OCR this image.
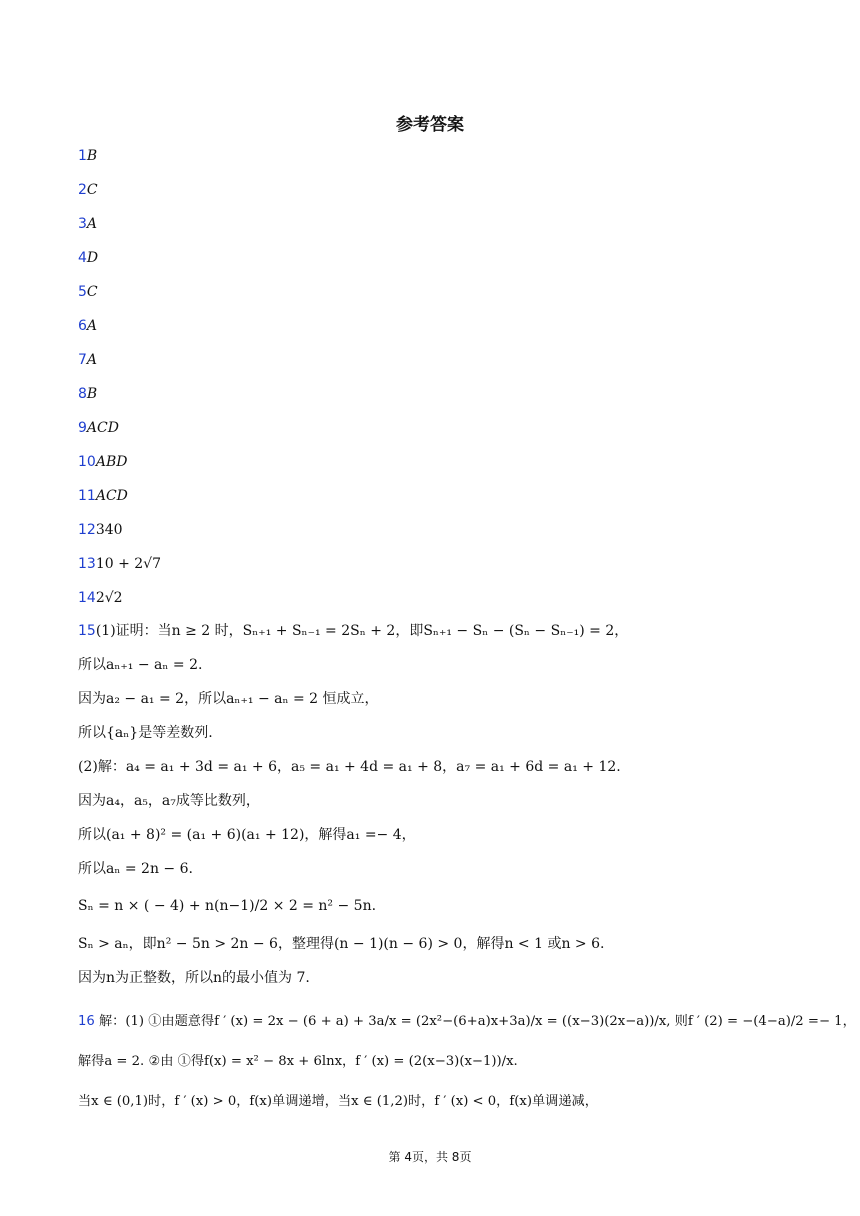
参考答案
1B
2C
3A
4D
5C
6A
7A
8B
9ACD
10ABD
11ACD
12340
1310 + 2√7
142√2
15(1)证明：当n ≥ 2 时，Sₙ₊₁ + Sₙ₋₁ = 2Sₙ + 2，即Sₙ₊₁ − Sₙ − (Sₙ − Sₙ₋₁) = 2，
所以aₙ₊₁ − aₙ = 2.
因为a₂ − a₁ = 2，所以aₙ₊₁ − aₙ = 2 恒成立，
所以{aₙ}是等差数列.
(2)解：a₄ = a₁ + 3d = a₁ + 6，a₅ = a₁ + 4d = a₁ + 8，a₇ = a₁ + 6d = a₁ + 12.
因为a₄，a₅，a₇成等比数列，
所以(a₁ + 8)² = (a₁ + 6)(a₁ + 12)，解得a₁ =− 4，
所以aₙ = 2n − 6.
Sₙ = n × ( − 4) + n(n−1)/2 × 2 = n² − 5n.
Sₙ > aₙ，即n² − 5n > 2n − 6，整理得(n − 1)(n − 6) > 0，解得n < 1 或n > 6.
因为n为正整数，所以n的最小值为 7.
16 解：(1) ①由题意得f ′ (x) = 2x − (6 + a) + 3a/x = (2x²−(6+a)x+3a)/x = ((x−3)(2x−a))/x, 则f ′ (2) = −(4−a)/2 =− 1，
解得a = 2. ②由 ①得f(x) = x² − 8x + 6lnx，f ′ (x) = (2(x−3)(x−1))/x.
当x ∈ (0,1)时，f ′ (x) > 0，f(x)单调递增，当x ∈ (1,2)时，f ′ (x) < 0，f(x)单调递减，
第 4页，共 8页
